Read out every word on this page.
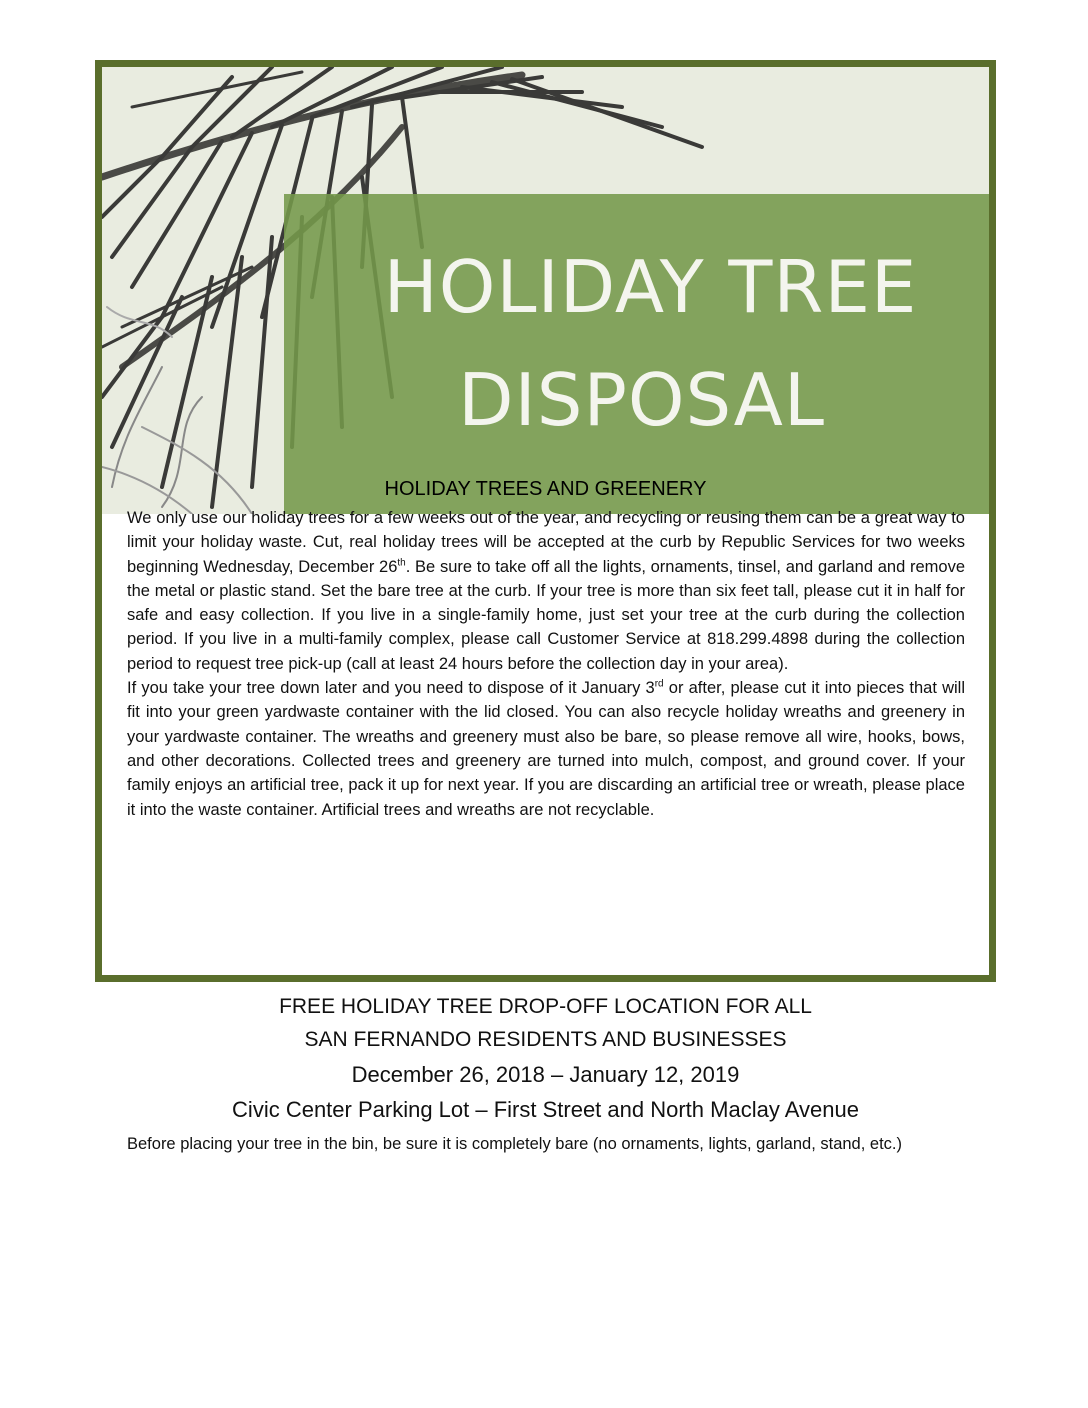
HOLIDAY TREE
DISPOSAL
HOLIDAY TREES AND GREENERY

We only use our holiday trees for a few weeks out of the year, and recycling or reusing them can be a great way to limit your holiday waste. Cut, real holiday trees will be accepted at the curb by Republic Services for two weeks beginning Wednesday, December 26th. Be sure to take off all the lights, ornaments, tinsel, and garland and remove the metal or plastic stand. Set the bare tree at the curb. If your tree is more than six feet tall, please cut it in half for safe and easy collection. If you live in a single-family home, just set your tree at the curb during the collection period. If you live in a multi-family complex, please call Customer Service at 818.299.4898 during the collection period to request tree pick-up (call at least 24 hours before the collection day in your area).

If you take your tree down later and you need to dispose of it January 3rd or after, please cut it into pieces that will fit into your green yardwaste container with the lid closed. You can also recycle holiday wreaths and greenery in your yardwaste container. The wreaths and greenery must also be bare, so please remove all wire, hooks, bows, and other decorations. Collected trees and greenery are turned into mulch, compost, and ground cover. If your family enjoys an artificial tree, pack it up for next year. If you are discarding an artificial tree or wreath, please place it into the waste container. Artificial trees and wreaths are not recyclable.

FREE HOLIDAY TREE DROP-OFF LOCATION FOR ALL
SAN FERNANDO RESIDENTS AND BUSINESSES
December 26, 2018 – January 12, 2019
Civic Center Parking Lot – First Street and North Maclay Avenue
Before placing your tree in the bin, be sure it is completely bare (no ornaments, lights, garland, stand, etc.)
